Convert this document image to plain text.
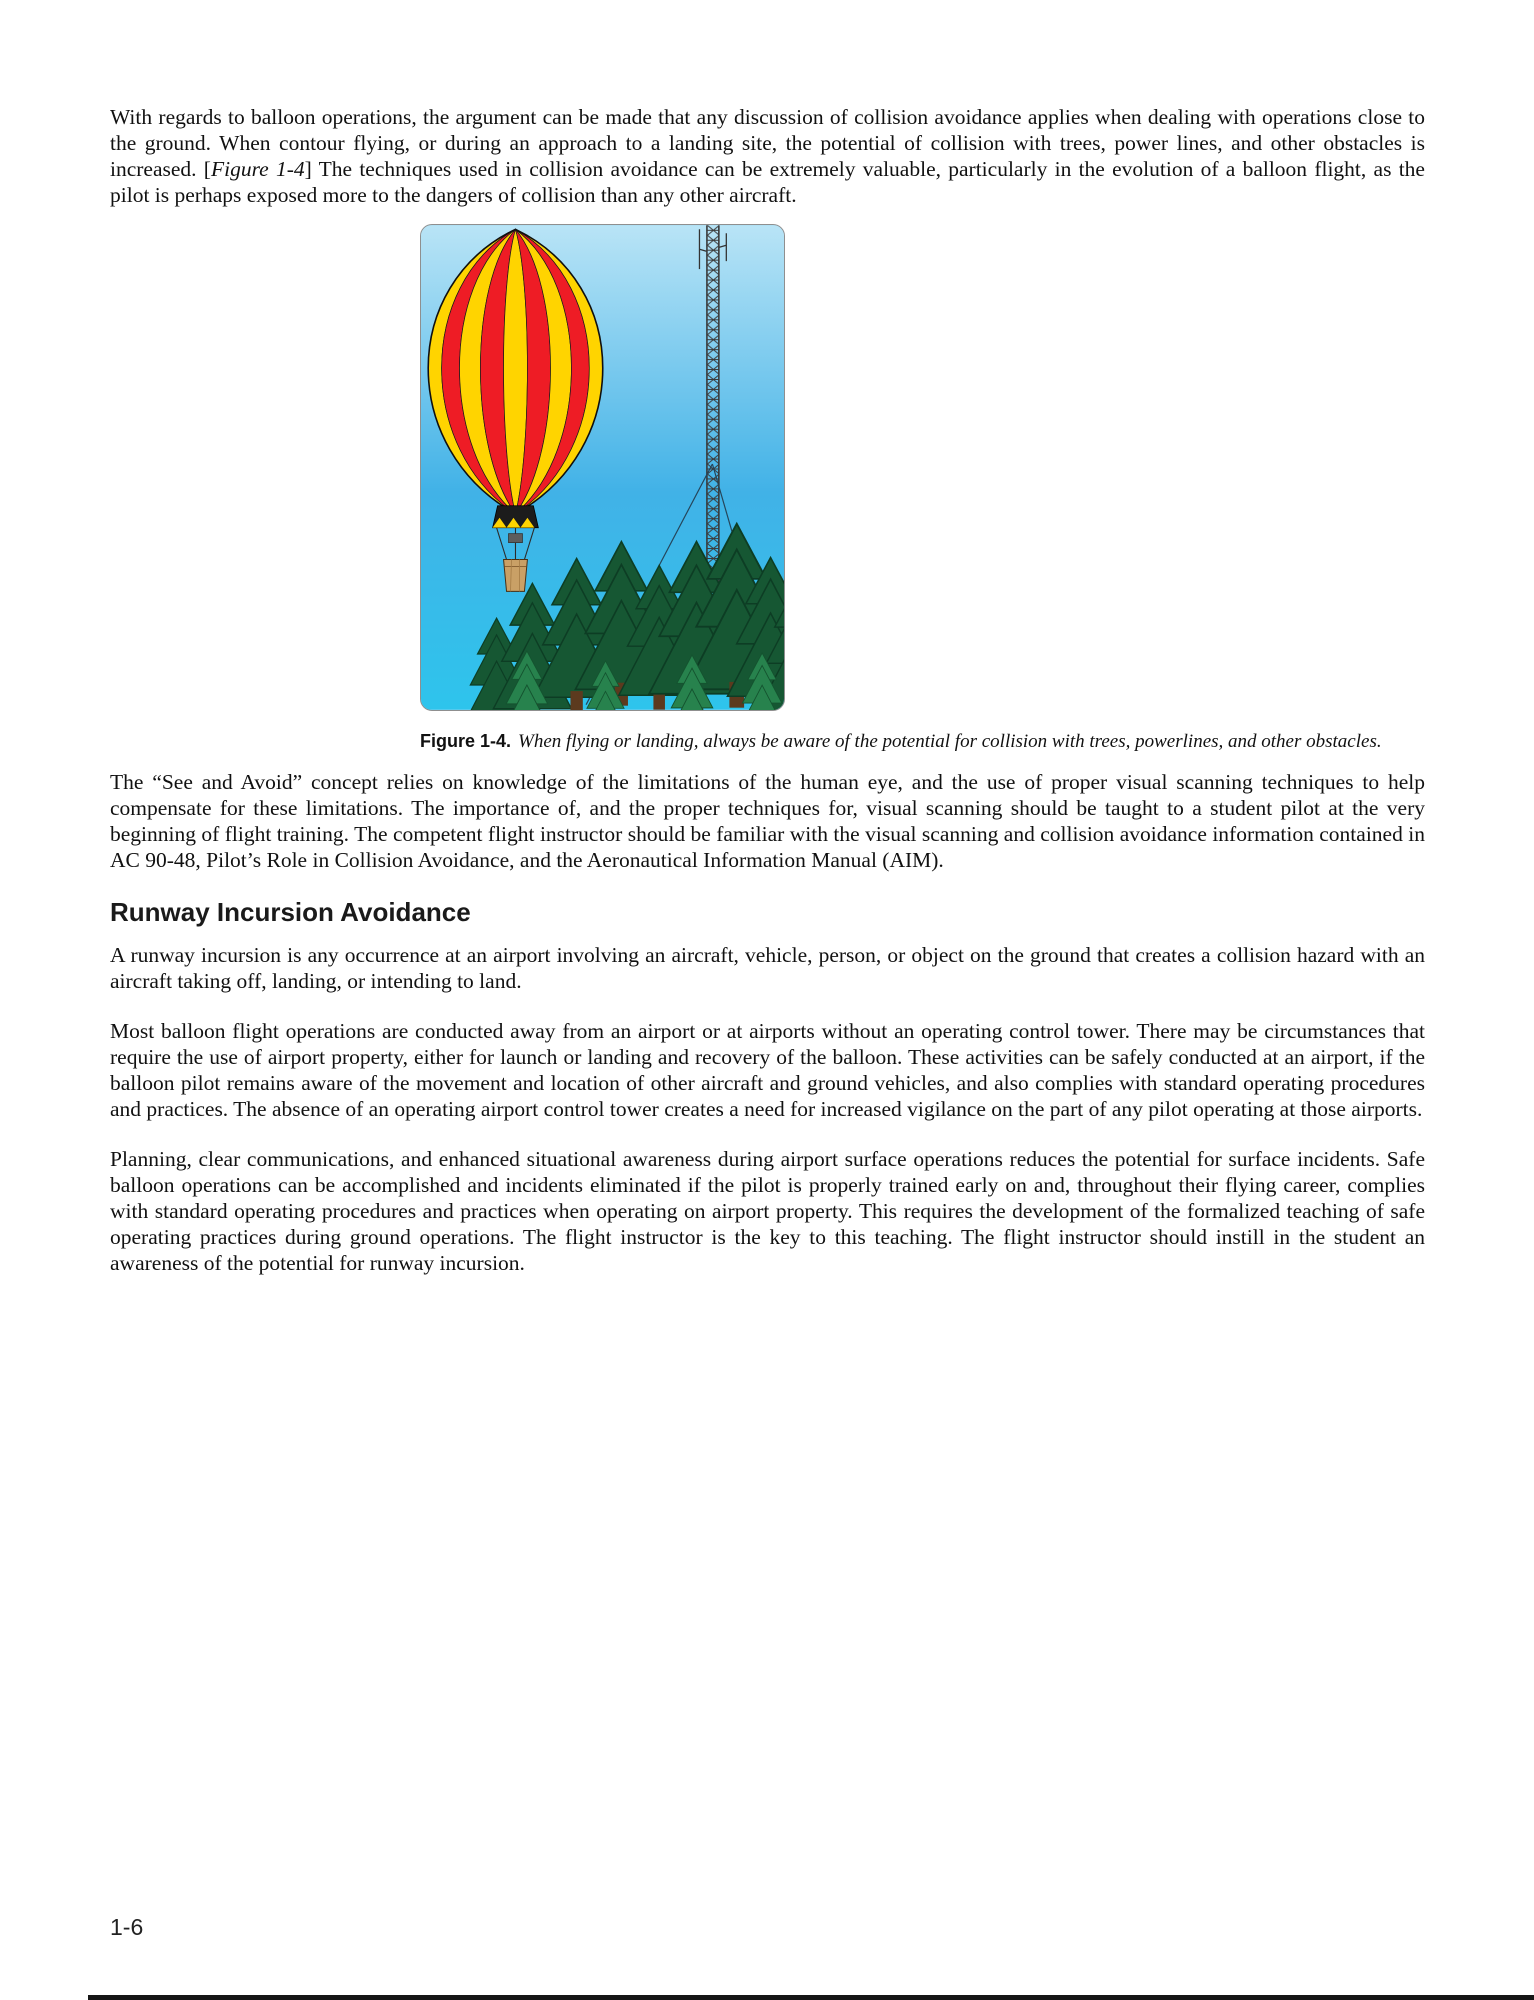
With regards to balloon operations, the argument can be made that any discussion of collision avoidance applies when dealing with operations close to the ground. When contour flying, or during an approach to a landing site, the potential of collision with trees, power lines, and other obstacles is increased. [Figure 1-4] The techniques used in collision avoidance can be extremely valuable, particularly in the evolution of a balloon flight, as the pilot is perhaps exposed more to the dangers of collision than any other aircraft.

Figure 1-4. When flying or landing, always be aware of the potential for collision with trees, powerlines, and other obstacles.

The “See and Avoid” concept relies on knowledge of the limitations of the human eye, and the use of proper visual scanning techniques to help compensate for these limitations. The importance of, and the proper techniques for, visual scanning should be taught to a student pilot at the very beginning of flight training. The competent flight instructor should be familiar with the visual scanning and collision avoidance information contained in AC 90-48, Pilot’s Role in Collision Avoidance, and the Aeronautical Information Manual (AIM).

Runway Incursion Avoidance

A runway incursion is any occurrence at an airport involving an aircraft, vehicle, person, or object on the ground that creates a collision hazard with an aircraft taking off, landing, or intending to land.

Most balloon flight operations are conducted away from an airport or at airports without an operating control tower. There may be circumstances that require the use of airport property, either for launch or landing and recovery of the balloon. These activities can be safely conducted at an airport, if the balloon pilot remains aware of the movement and location of other aircraft and ground vehicles, and also complies with standard operating procedures and practices. The absence of an operating airport control tower creates a need for increased vigilance on the part of any pilot operating at those airports.

Planning, clear communications, and enhanced situational awareness during airport surface operations reduces the potential for surface incidents. Safe balloon operations can be accomplished and incidents eliminated if the pilot is properly trained early on and, throughout their flying career, complies with standard operating procedures and practices when operating on airport property. This requires the development of the formalized teaching of safe operating practices during ground operations. The flight instructor is the key to this teaching. The flight instructor should instill in the student an awareness of the potential for runway incursion.

1-6
